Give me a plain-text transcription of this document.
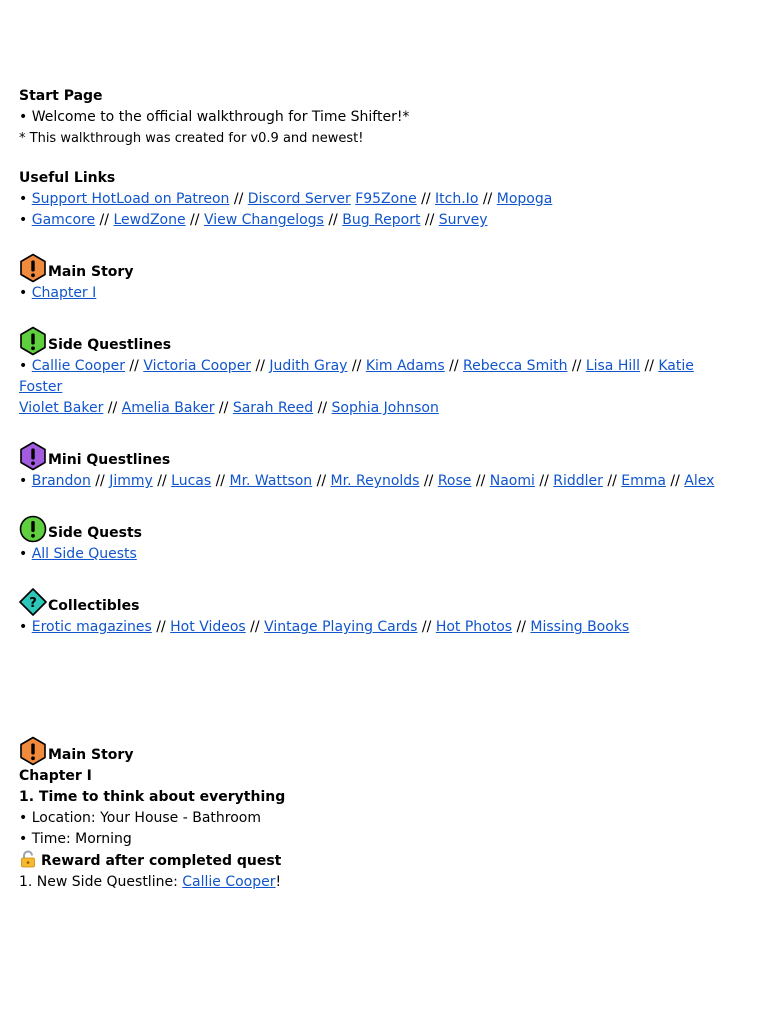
Start Page
• Welcome to the official walkthrough for Time Shifter!*
* This walkthrough was created for v0.9 and newest!
Useful Links
• Support HotLoad on Patreon // Discord Server F95Zone // Itch.Io // Mopoga
• Gamcore // LewdZone // View Changelogs // Bug Report // Survey
Main Story
• Chapter I
Side Questlines
• Callie Cooper // Victoria Cooper // Judith Gray // Kim Adams // Rebecca Smith // Lisa Hill // Katie Foster
Violet Baker // Amelia Baker // Sarah Reed // Sophia Johnson
Mini Questlines
• Brandon // Jimmy // Lucas // Mr. Wattson // Mr. Reynolds // Rose // Naomi // Riddler // Emma // Alex
Side Quests
• All Side Quests
Collectibles
• Erotic magazines // Hot Videos // Vintage Playing Cards // Hot Photos // Missing Books
Main Story
Chapter I
1. Time to think about everything
• Location: Your House - Bathroom
• Time: Morning
Reward after completed quest
1. New Side Questline: Callie Cooper!
